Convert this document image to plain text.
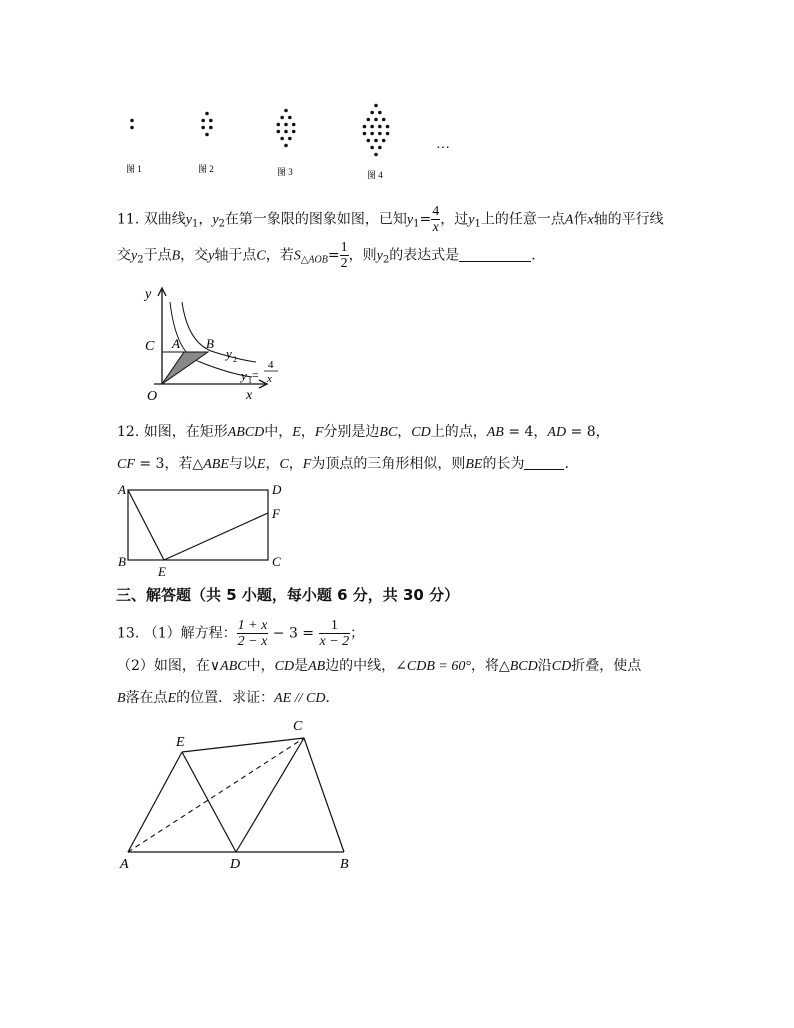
图 1	图 2	图 3	图 4
…
11. 双曲线$y_1$，$y_2$在第一象限的图象如图，已知$y_1= \frac{4}{x}$ ，过$y_1$上的任意一点A作x轴的平行线
交$y_2$于点B，交y轴于点C，若$S_{\triangle AOB}= \frac{1}{2}$ ，则$y_2$的表达式是	.
y
x
O
C A B
y 2
y 1 =
4
x
12. 如图，在矩形ABCD中，E，F分别是边BC，CD上的点，AB = 4，AD = 8，
CF = 3，若△ABE与以E，C，F为顶点的三角形相似，则BE的长为	.
A	D
F
B
E
C
三、解答题（共 5 小题，每小题 6 分，共 30 分）
13. （1）解方程： $\frac{1 + x}{2 - x} - 3 = \frac{1}{x - 2}$ ；
（2）如图，在∨ABC中，CD是AB边的中线，∠CDB = 60°，将△BCD沿CD折叠，使点
B落在点E的位置．求证：AE // CD．
E
C
A	D	B
